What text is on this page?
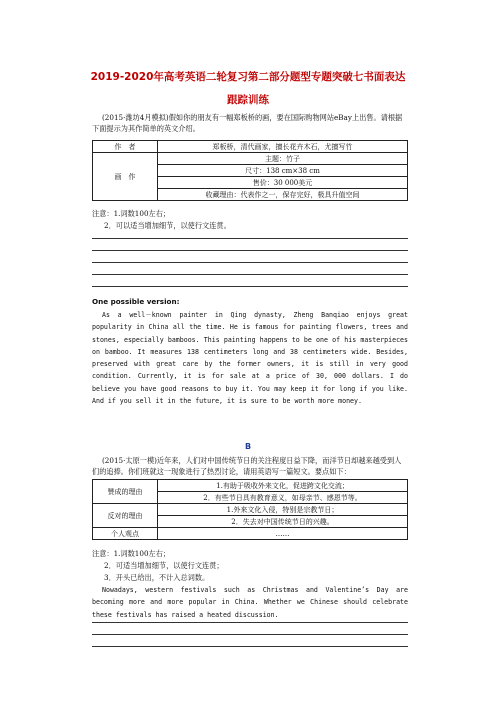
2019-2020年高考英语二轮复习第二部分题型专题突破七书面表达
跟踪训练

(2015·潍坊4月模拟)假如你的朋友有一幅郑板桥的画，要在国际购物网站eBay上出售。请根据下面提示为其作简单的英文介绍。

作　者	郑板桥，清代画家，擅长花卉木石，尤擅写竹
画　作	主题：竹子
	尺寸：138 cm×38 cm
	售价：30 000美元
	收藏理由：代表作之一，保存完好，极具升值空间

注意：1.词数100左右；

2．可以适当增加细节，以使行文连贯。

One possible version:

As a well－known painter in Qing dynasty, Zheng Banqiao enjoys great popularity in China all the time. He is famous for painting flowers, trees and stones, especially bamboos. This painting happens to be one of his masterpieces on bamboo. It measures 138 centimeters long and 38 centimeters wide. Besides, preserved with great care by the former owners, it is still in very good condition. Currently, it is for sale at a price of 30, 000 dollars. I do believe you have good reasons to buy it. You may keep it for long if you like. And if you sell it in the future, it is sure to be worth more money.

B

(2015·太原一模)近年来，人们对中国传统节日的关注程度日益下降，而洋节日却越来越受到人们的追捧。你们班就这一现象进行了热烈讨论，请用英语写一篇短文。要点如下：

赞成的理由	1.有助于吸收外来文化，促进跨文化交流；
	2．有些节日具有教育意义，如母亲节、感恩节等。
反对的理由	1.外来文化入侵，特别是宗教节日；
	2．失去对中国传统节日的兴趣。
个人观点	……

注意：1.词数100左右；

2．可适当增加细节，以使行文连贯；

3．开头已给出，不计入总词数。

Nowadays, western festivals such as Christmas and Valentine’s Day are becoming more and more popular in China. Whether we Chinese should celebrate these festivals has raised a heated discussion.
